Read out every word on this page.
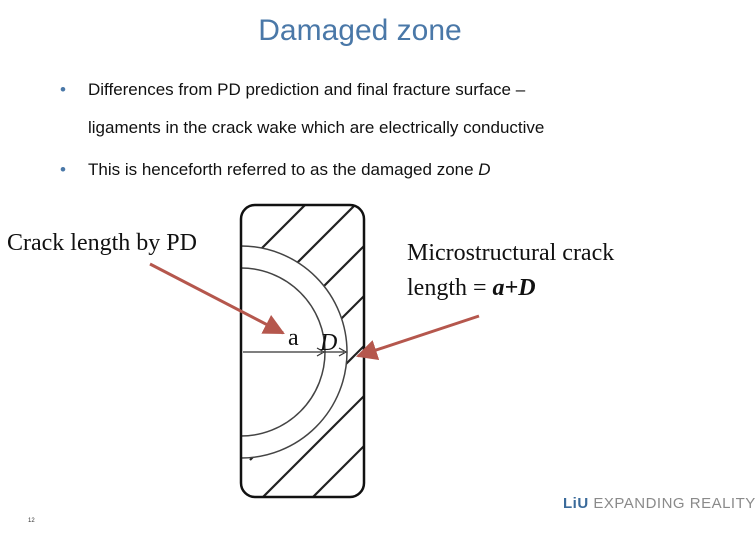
Damaged zone
• Differences from PD prediction and final fracture surface –
ligaments in the crack wake which are electrically conductive
• This is henceforth referred to as the damaged zone D
a D
Crack length by PD	Microstructural crack
length = a+D
LiU EXPANDING REALITY
12
